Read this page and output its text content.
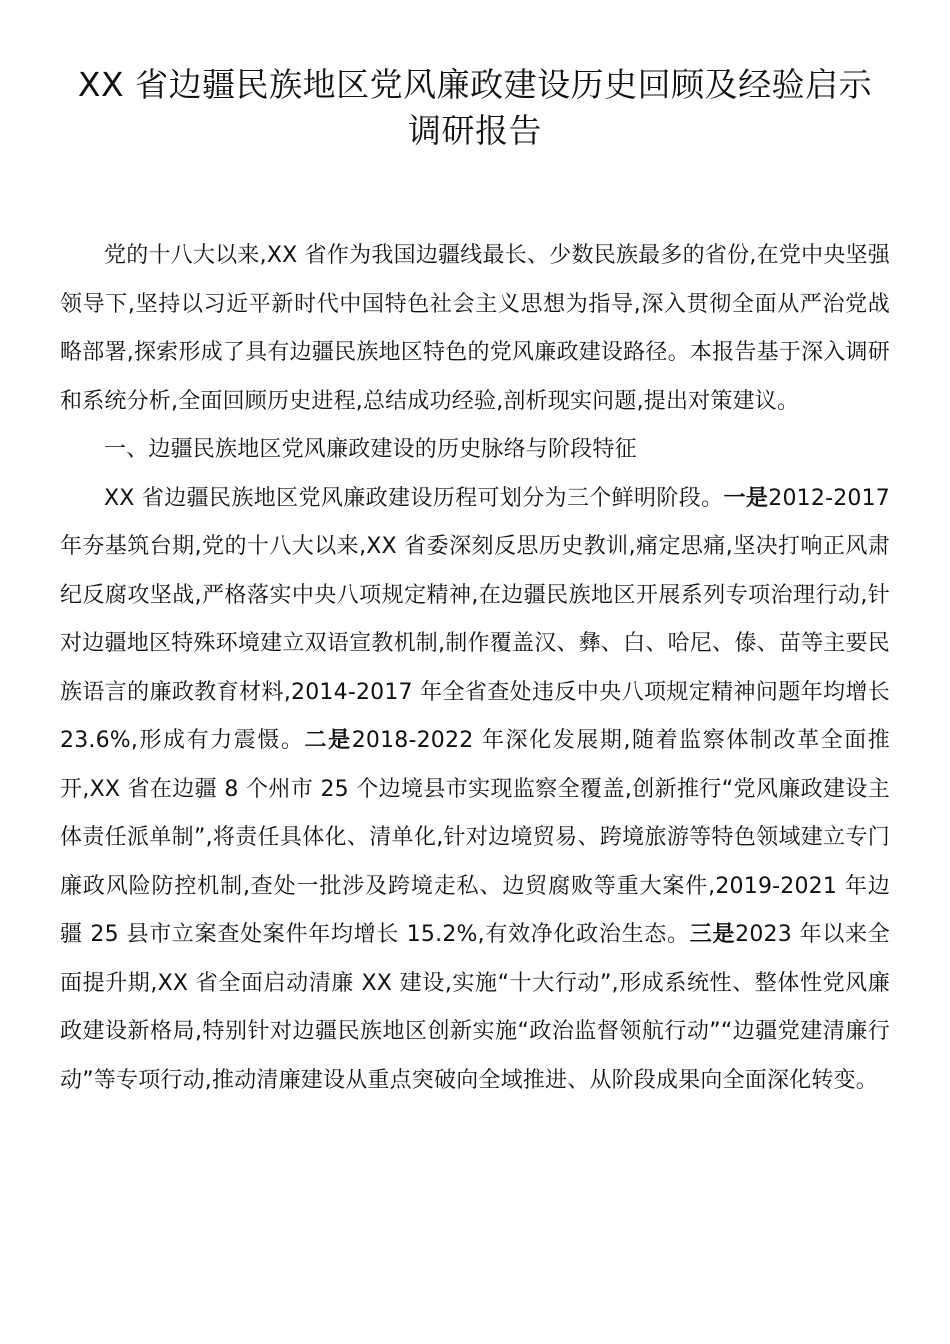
XX 省边疆民族地区党风廉政建设历史回顾及经验启示
调研报告

党的十八大以来,XX 省作为我国边疆线最长、少数民族最多的省份,在党中央坚强领导下,坚持以习近平新时代中国特色社会主义思想为指导,深入贯彻全面从严治党战略部署,探索形成了具有边疆民族地区特色的党风廉政建设路径。本报告基于深入调研和系统分析,全面回顾历史进程,总结成功经验,剖析现实问题,提出对策建议。

一、边疆民族地区党风廉政建设的历史脉络与阶段特征

XX 省边疆民族地区党风廉政建设历程可划分为三个鲜明阶段。一是2012-2017 年夯基筑台期,党的十八大以来,XX 省委深刻反思历史教训,痛定思痛,坚决打响正风肃纪反腐攻坚战,严格落实中央八项规定精神,在边疆民族地区开展系列专项治理行动,针对边疆地区特殊环境建立双语宣教机制,制作覆盖汉、彝、白、哈尼、傣、苗等主要民族语言的廉政教育材料,2014-2017 年全省查处违反中央八项规定精神问题年均增长 23.6%,形成有力震慑。二是2018-2022 年深化发展期,随着监察体制改革全面推开,XX 省在边疆 8 个州市 25 个边境县市实现监察全覆盖,创新推行“党风廉政建设主体责任派单制”,将责任具体化、清单化,针对边境贸易、跨境旅游等特色领域建立专门廉政风险防控机制,查处一批涉及跨境走私、边贸腐败等重大案件,2019-2021 年边疆 25 县市立案查处案件年均增长 15.2%,有效净化政治生态。三是2023 年以来全面提升期,XX 省全面启动清廉 XX 建设,实施“十大行动”,形成系统性、整体性党风廉政建设新格局,特别针对边疆民族地区创新实施“政治监督领航行动”“边疆党建清廉行动”等专项行动,推动清廉建设从重点突破向全域推进、从阶段成果向全面深化转变。
